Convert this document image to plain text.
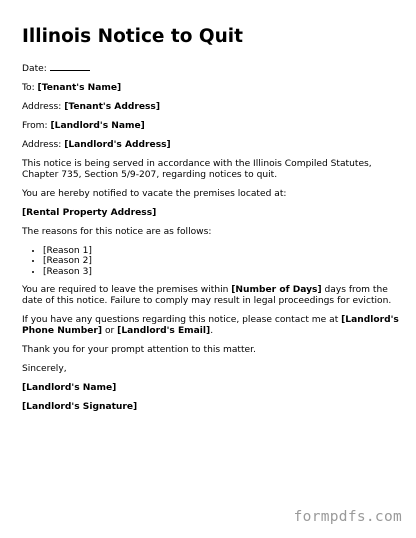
Illinois Notice to Quit

Date:

To: [Tenant's Name]

Address: [Tenant's Address]

From: [Landlord's Name]

Address: [Landlord's Address]

This notice is being served in accordance with the Illinois Compiled Statutes, Chapter 735, Section 5/9-207, regarding notices to quit.

You are hereby notified to vacate the premises located at:

[Rental Property Address]

The reasons for this notice are as follows:

• [Reason 1]
• [Reason 2]
• [Reason 3]

You are required to leave the premises within [Number of Days] days from the date of this notice. Failure to comply may result in legal proceedings for eviction.

If you have any questions regarding this notice, please contact me at [Landlord's Phone Number] or [Landlord's Email].

Thank you for your prompt attention to this matter.

Sincerely,

[Landlord's Name]

[Landlord's Signature]

formpdfs.com
